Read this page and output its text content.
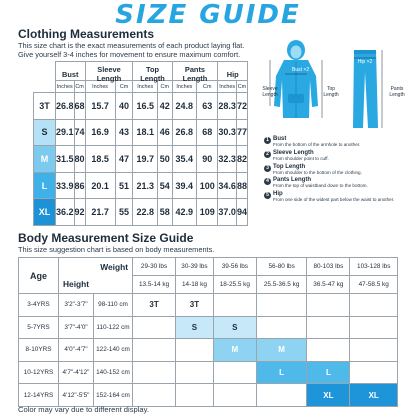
SIZE GUIDE
Clothing Measurements
This size chart is the exact measurements of each product laying flat.
Give yourself 3-4 inches for movement to ensure maximum comfort.
	Bust		Sleeve Length		Top Length		Pants Length		Hip	
	Inches	Cm	Inches	Cm	Inches	Cm	Inches	Cm	Inches	Cm
3T	26.8	68	15.7	40	16.5	42	24.8	63	28.3	72
S	29.1	74	16.9	43	18.1	46	26.8	68	30.3	77
M	31.5	80	18.5	47	19.7	50	35.4	90	32.3	82
L	33.9	86	20.1	51	21.3	54	39.4	100	34.6	88
XL	36.2	92	21.7	55	22.8	58	42.9	109	37.0	94
Bust ×2
Sleeve Length
Top Length
Hip ×2
Pants Length
1 Bust
From the bottom of the armhole to another.
2 Sleeve Length
From shoulder point to cuff.
3 Top Length
From shoulder to the bottom of the clothing.
4 Pants Length
From the top of waistband down to the bottom.
5 Hip
From one side of the widest part below the waist to another.
Body Measurement Size Guide
This size suggestion chart is based on body measurements.
Age	Weight		29-30 lbs	30-39 lbs	39-56 lbs	56-80 lbs	80-103 lbs	103-128 lbs
	Height		13.5-14 kg	14-18 kg	18-25.5 kg	25.5-36.5 kg	36.5-47 kg	47-58.5 kg
3-4YRS	3'2"-3'7"	98-110 cm	3T	3T				
5-7YRS	3'7"-4'0"	110-122 cm		S	S			
8-10YRS	4'0"-4'7"	122-140 cm			M	M		
10-12YRS	4'7"-4'12"	140-152 cm				L	L	
12-14YRS	4'12"-5'5"	152-164 cm					XL	XL
Color may vary due to different display.
